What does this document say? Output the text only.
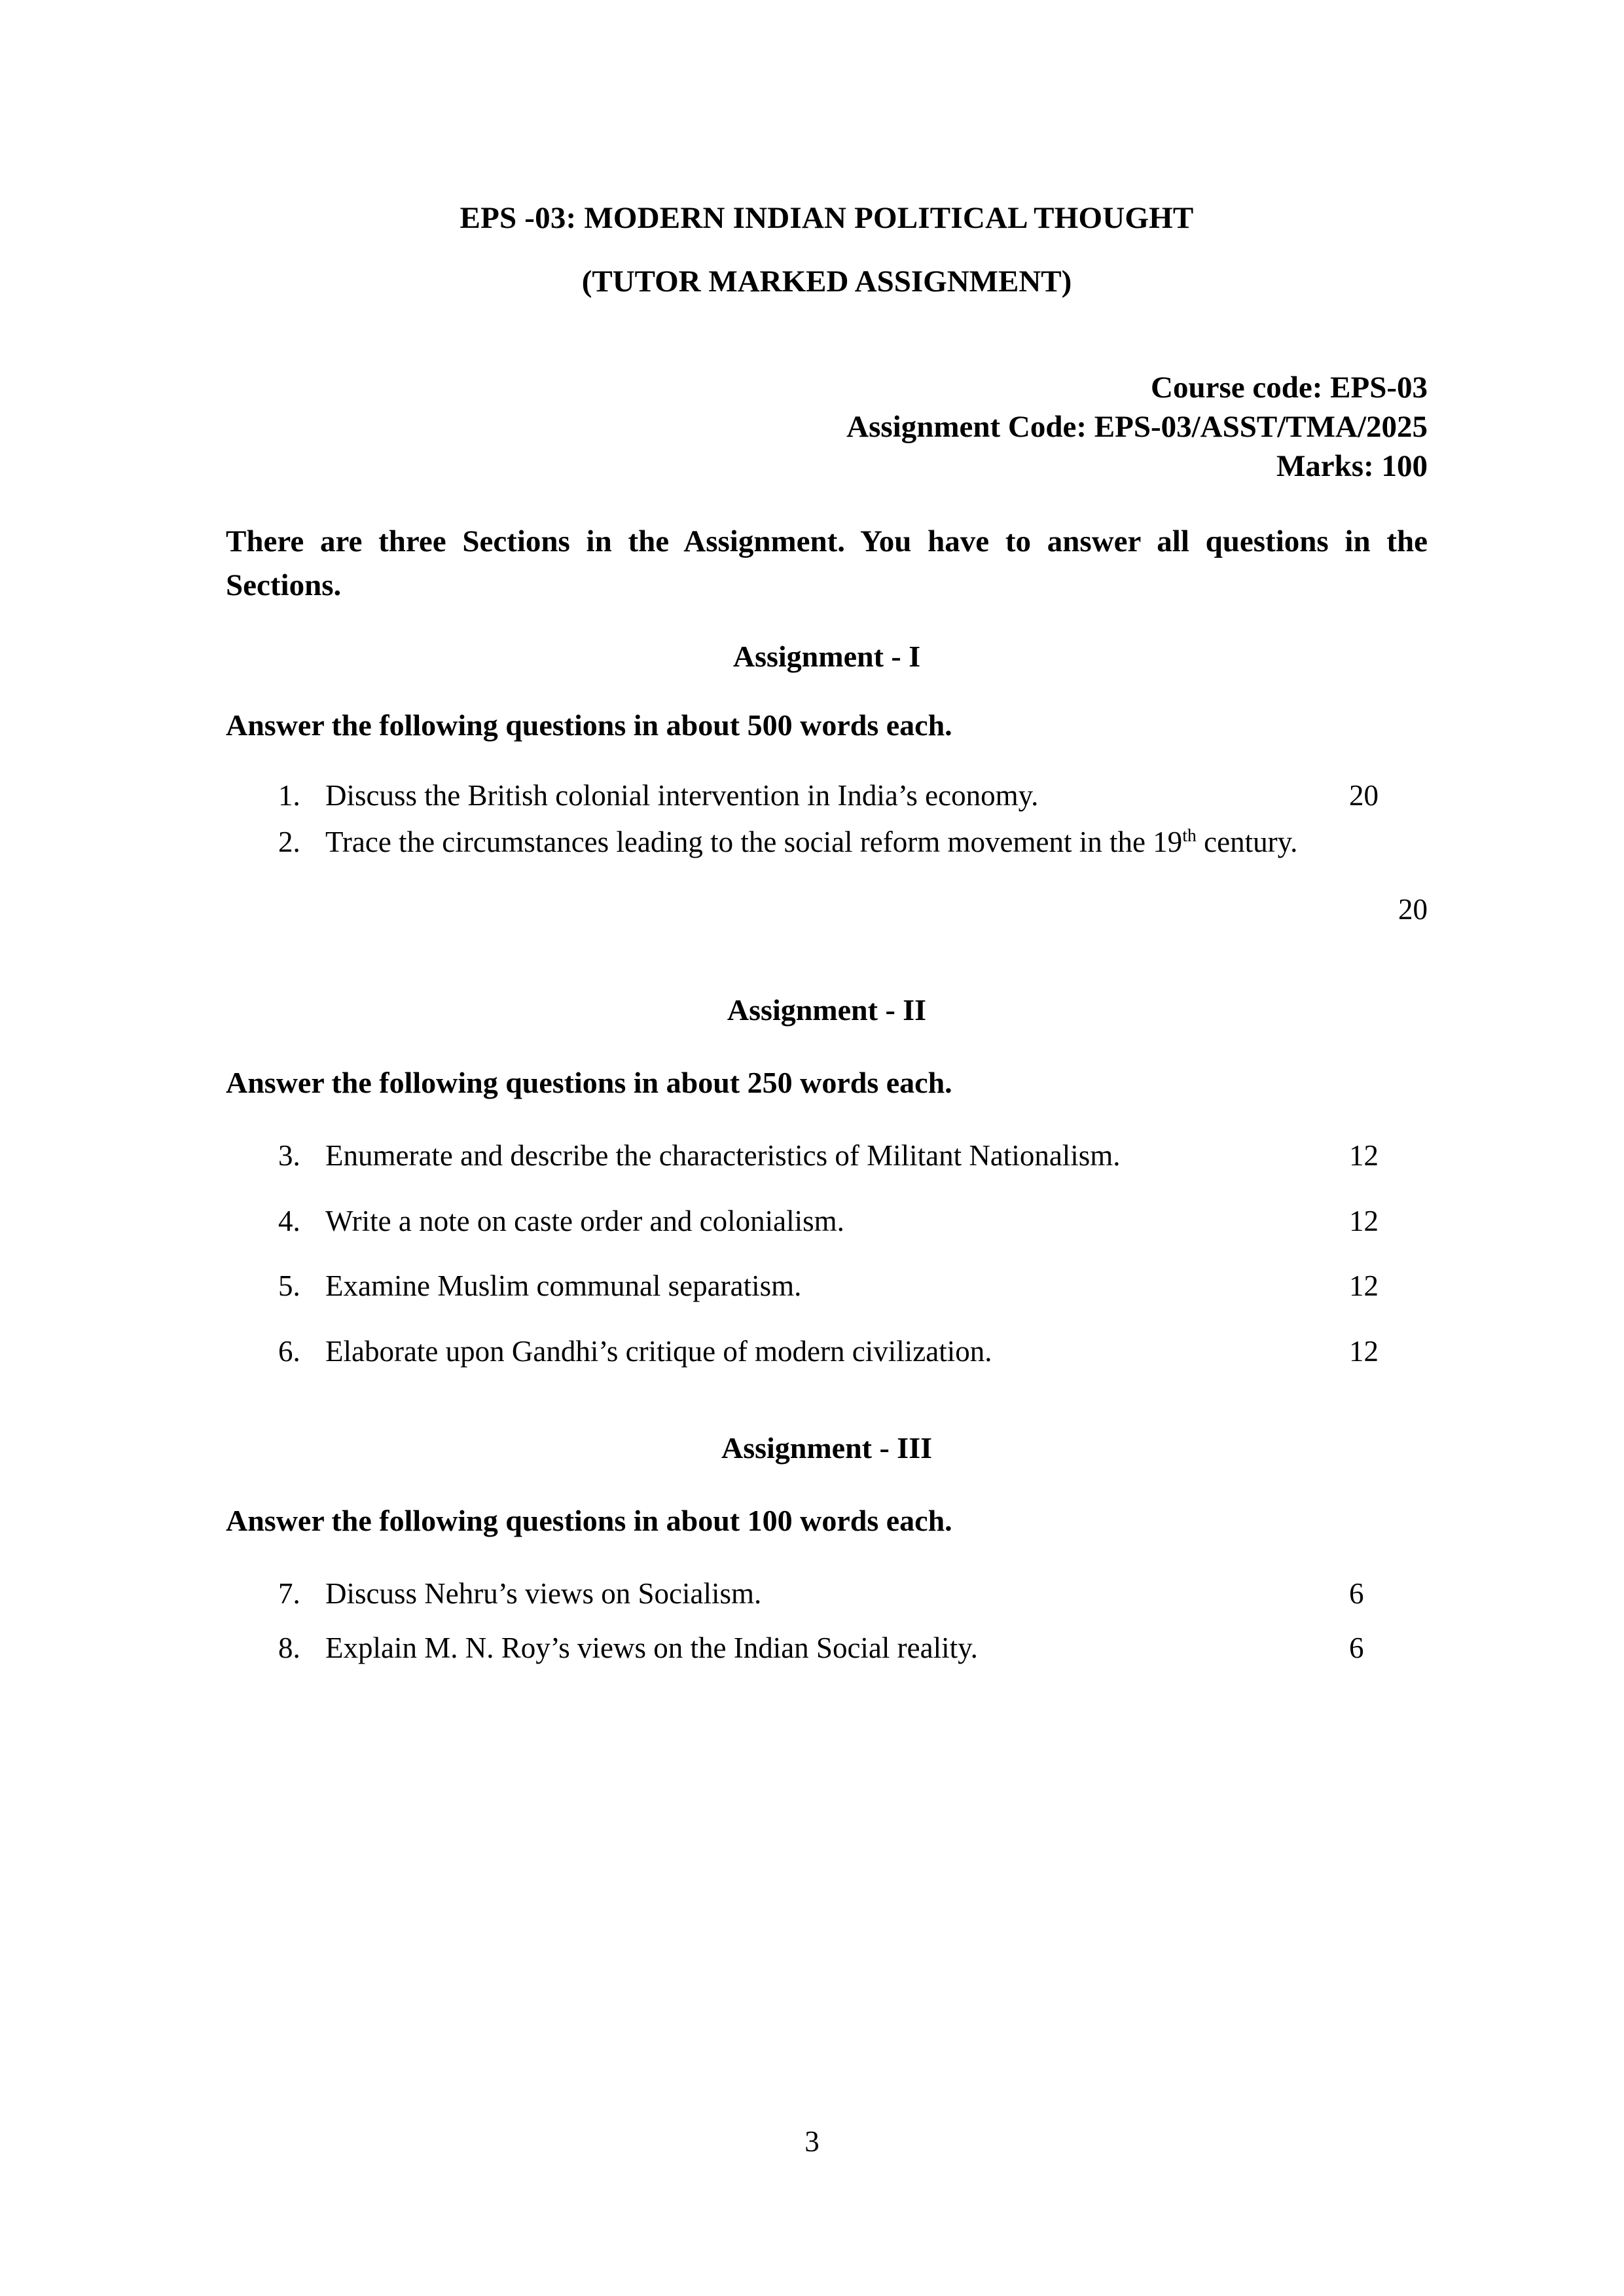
EPS -03: MODERN INDIAN POLITICAL THOUGHT
(TUTOR MARKED ASSIGNMENT)
Course code: EPS-03
Assignment Code: EPS-03/ASST/TMA/2025
Marks: 100

There are three Sections in the Assignment. You have to answer all questions in the Sections.

Assignment - I

Answer the following questions in about 500 words each.

1. Discuss the British colonial intervention in India’s economy.	20
2. Trace the circumstances leading to the social reform movement in the 19th century.
20
Assignment - II

Answer the following questions in about 250 words each.

3. Enumerate and describe the characteristics of Militant Nationalism.	12
4. Write a note on caste order and colonialism.	12
5. Examine Muslim communal separatism.	12
6. Elaborate upon Gandhi’s critique of modern civilization.	12
Assignment - III

Answer the following questions in about 100 words each.

7. Discuss Nehru’s views on Socialism.	6
8. Explain M. N. Roy’s views on the Indian Social reality.	6
3
